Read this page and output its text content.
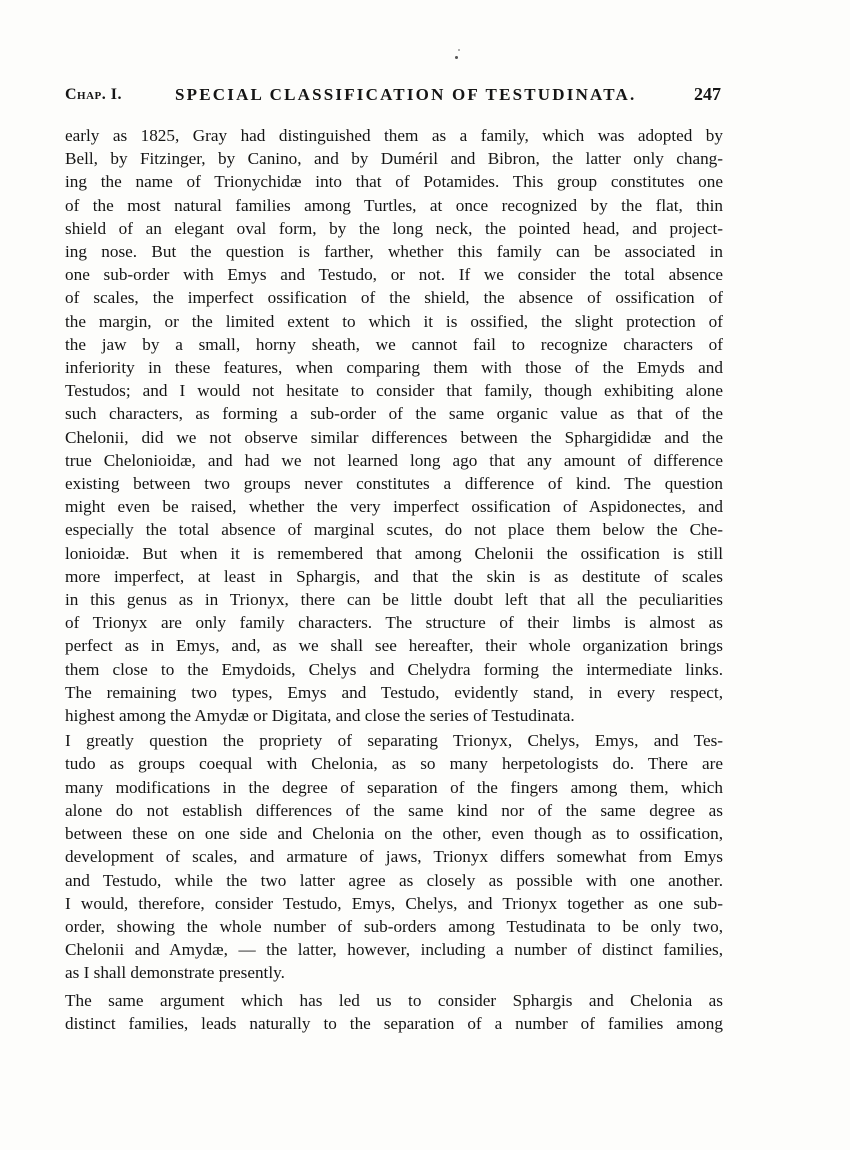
Chap. I.	SPECIAL CLASSIFICATION OF TESTUDINATA.	247
early as 1825, Gray had distinguished them as a family, which was adopted by
Bell, by Fitzinger, by Canino, and by Duméril and Bibron, the latter only chang-
ing the name of Trionychidæ into that of Potamides. This group constitutes one
of the most natural families among Turtles, at once recognized by the flat, thin
shield of an elegant oval form, by the long neck, the pointed head, and project-
ing nose. But the question is farther, whether this family can be associated in
one sub-order with Emys and Testudo, or not. If we consider the total absence
of scales, the imperfect ossification of the shield, the absence of ossification of
the margin, or the limited extent to which it is ossified, the slight protection of
the jaw by a small, horny sheath, we cannot fail to recognize characters of
inferiority in these features, when comparing them with those of the Emyds and
Testudos; and I would not hesitate to consider that family, though exhibiting alone
such characters, as forming a sub-order of the same organic value as that of the
Chelonii, did we not observe similar differences between the Sphargididæ and the
true Chelonioidæ, and had we not learned long ago that any amount of difference
existing between two groups never constitutes a difference of kind. The question
might even be raised, whether the very imperfect ossification of Aspidonectes, and
especially the total absence of marginal scutes, do not place them below the Che-
lonioidæ. But when it is remembered that among Chelonii the ossification is still
more imperfect, at least in Sphargis, and that the skin is as destitute of scales
in this genus as in Trionyx, there can be little doubt left that all the peculiarities
of Trionyx are only family characters. The structure of their limbs is almost as
perfect as in Emys, and, as we shall see hereafter, their whole organization brings
them close to the Emydoids, Chelys and Chelydra forming the intermediate links.
The remaining two types, Emys and Testudo, evidently stand, in every respect,
highest among the Amydæ or Digitata, and close the series of Testudinata.
I greatly question the propriety of separating Trionyx, Chelys, Emys, and Tes-
tudo as groups coequal with Chelonia, as so many herpetologists do. There are
many modifications in the degree of separation of the fingers among them, which
alone do not establish differences of the same kind nor of the same degree as
between these on one side and Chelonia on the other, even though as to ossification,
development of scales, and armature of jaws, Trionyx differs somewhat from Emys
and Testudo, while the two latter agree as closely as possible with one another.
I would, therefore, consider Testudo, Emys, Chelys, and Trionyx together as one sub-
order, showing the whole number of sub-orders among Testudinata to be only two,
Chelonii and Amydæ, — the latter, however, including a number of distinct families,
as I shall demonstrate presently.
The same argument which has led us to consider Sphargis and Chelonia as
distinct families, leads naturally to the separation of a number of families among
